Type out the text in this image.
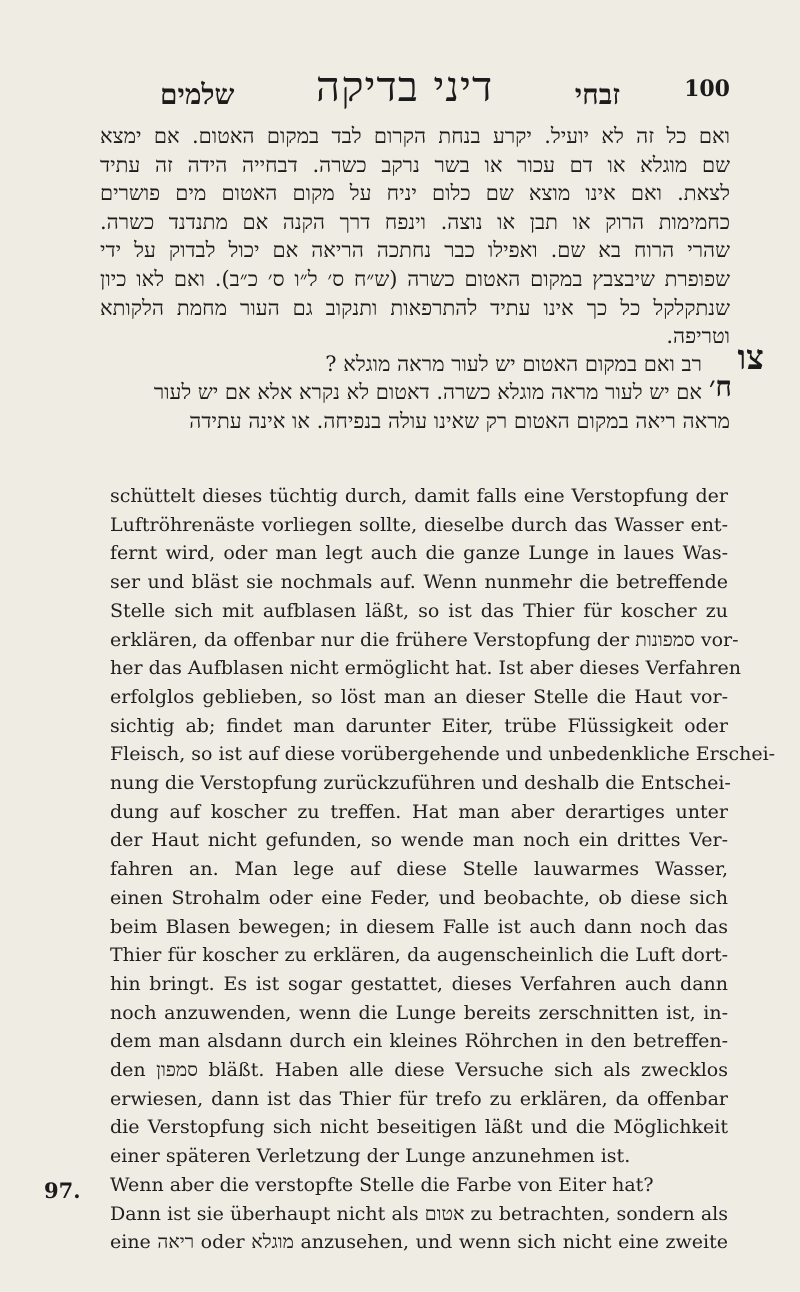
100
זבחי
דיני בדיקה
שלמים
ואם כל זה לא יועיל. יקרע בנחת הקרום לבד במקום האטום. אם ימצא
שם מוגלא או דם עכור או בשר נרקב כשרה. דבחייה הידה זה עתיד
לצאת. ואם אינו מוצא שם כלום יניח על מקום האטום מים פושרים
כחמימות הרוק או תבן או נוצה. וינפח דרך הקנה אם מתנדנד כשרה.
שהרי הרוח בא שם. ואפילו כבר נחתכה הריאה אם יכול לבדוק על ידי
שפופרת שיבצבץ במקום האטום כשרה (ש״ח ס׳ ל״ו ס׳ כ״ב). ואם לאו כיון
שנתקלקל כל כך אינו עתיד להתרפאות ותנקוב גם העור מחמת הלקותא
וטריפה.
צו
רב ואם במקום האטום יש לעור מראה מוגלא ?
ח׳
אם יש לעור מראה מוגלא כשרה. דאטום לא נקרא אלא אם יש לעור
מראה ריאה במקום האטום רק שאינו עולה בנפיחה. או אינה עתידה
schüttelt dieses tüchtig durch, damit falls eine Verstopfung der
Luftröhrenäste vorliegen sollte, dieselbe durch das Wasser ent-
fernt wird, oder man legt auch die ganze Lunge in laues Was-
ser und bläst sie nochmals auf. Wenn nunmehr die betreffende
Stelle sich mit aufblasen läßt, so ist das Thier für koscher zu
erklären, da offenbar nur die frühere Verstopfung der סמפונות vor-
her das Aufblasen nicht ermöglicht hat. Ist aber dieses Verfahren
erfolglos geblieben, so löst man an dieser Stelle die Haut vor-
sichtig ab; findet man darunter Eiter, trübe Flüssigkeit oder
Fleisch, so ist auf diese vorübergehende und unbedenkliche Erschei-
nung die Verstopfung zurückzuführen und deshalb die Entschei-
dung auf koscher zu treffen. Hat man aber derartiges unter
der Haut nicht gefunden, so wende man noch ein drittes Ver-
fahren an. Man lege auf diese Stelle lauwarmes Wasser,
einen Strohalm oder eine Feder, und beobachte, ob diese sich
beim Blasen bewegen; in diesem Falle ist auch dann noch das
Thier für koscher zu erklären, da augenscheinlich die Luft dort-
hin bringt. Es ist sogar gestattet, dieses Verfahren auch dann
noch anzuwenden, wenn die Lunge bereits zerschnitten ist, in-
dem man alsdann durch ein kleines Röhrchen in den betreffen-
den סמפון bläßt. Haben alle diese Versuche sich als zwecklos
erwiesen, dann ist das Thier für trefo zu erklären, da offenbar
die Verstopfung sich nicht beseitigen läßt und die Möglichkeit
einer späteren Verletzung der Lunge anzunehmen ist.
Wenn aber die verstopfte Stelle die Farbe von Eiter hat?
Dann ist sie überhaupt nicht als אטום zu betrachten, sondern als
eine ריאה oder מוגלא anzusehen, und wenn sich nicht eine zweite
97.
